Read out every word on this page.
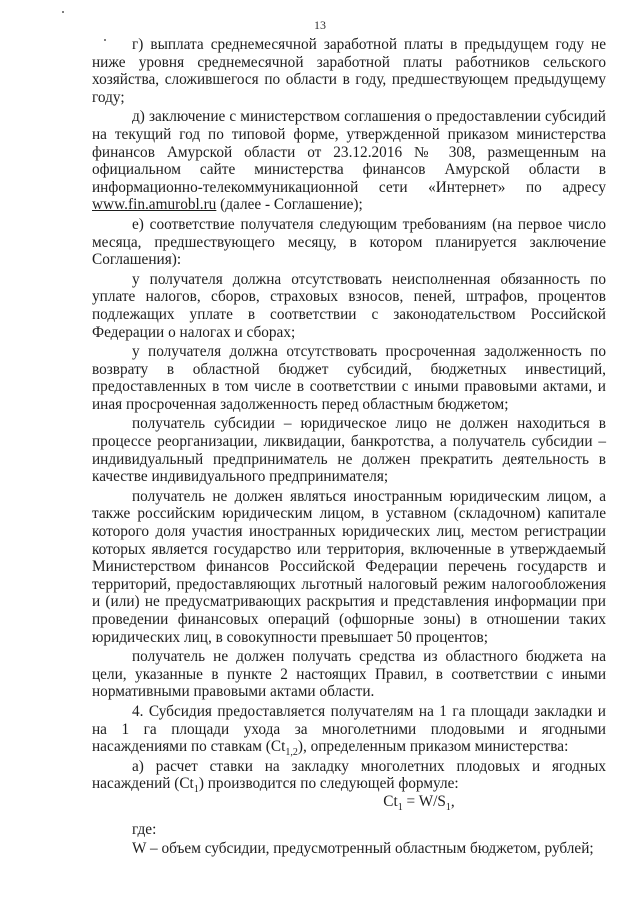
13

г) выплата среднемесячной заработной платы в предыдущем году не ниже уровня среднемесячной заработной платы работников сельского хозяйства, сложившегося по области в году, предшествующем предыдущему году;

д) заключение с министерством соглашения о предоставлении субсидий на текущий год по типовой форме, утвержденной приказом министерства финансов Амурской области от 23.12.2016 № 308, размещенным на официальном сайте министерства финансов Амурской области в информационно-телекоммуникационной сети «Интернет» по адресу www.fin.amurobl.ru (далее - Соглашение);

е) соответствие получателя следующим требованиям (на первое число месяца, предшествующего месяцу, в котором планируется заключение Соглашения):

у получателя должна отсутствовать неисполненная обязанность по уплате налогов, сборов, страховых взносов, пеней, штрафов, процентов подлежащих уплате в соответствии с законодательством Российской Федерации о налогах и сборах;

у получателя должна отсутствовать просроченная задолженность по возврату в областной бюджет субсидий, бюджетных инвестиций, предоставленных в том числе в соответствии с иными правовыми актами, и иная просроченная задолженность перед областным бюджетом;

получатель субсидии – юридическое лицо не должен находиться в процессе реорганизации, ликвидации, банкротства, а получатель субсидии – индивидуальный предприниматель не должен прекратить деятельность в качестве индивидуального предпринимателя;

получатель не должен являться иностранным юридическим лицом, а также российским юридическим лицом, в уставном (складочном) капитале которого доля участия иностранных юридических лиц, местом регистрации которых является государство или территория, включенные в утверждаемый Министерством финансов Российской Федерации перечень государств и территорий, предоставляющих льготный налоговый режим налогообложения и (или) не предусматривающих раскрытия и представления информации при проведении финансовых операций (офшорные зоны) в отношении таких юридических лиц, в совокупности превышает 50 процентов;

получатель не должен получать средства из областного бюджета на цели, указанные в пункте 2 настоящих Правил, в соответствии с иными нормативными правовыми актами области.

4. Субсидия предоставляется получателям на 1 га площади закладки и на 1 га площади ухода за многолетними плодовыми и ягодными насаждениями по ставкам $(Ct_{1,2})$, определенным приказом министерства:

а) расчет ставки на закладку многолетних плодовых и ягодных насаждений $(Ct_1)$ производится по следующей формуле:

$Ct_1 = W/S_1$,

где:

W – объем субсидии, предусмотренный областным бюджетом, рублей;
